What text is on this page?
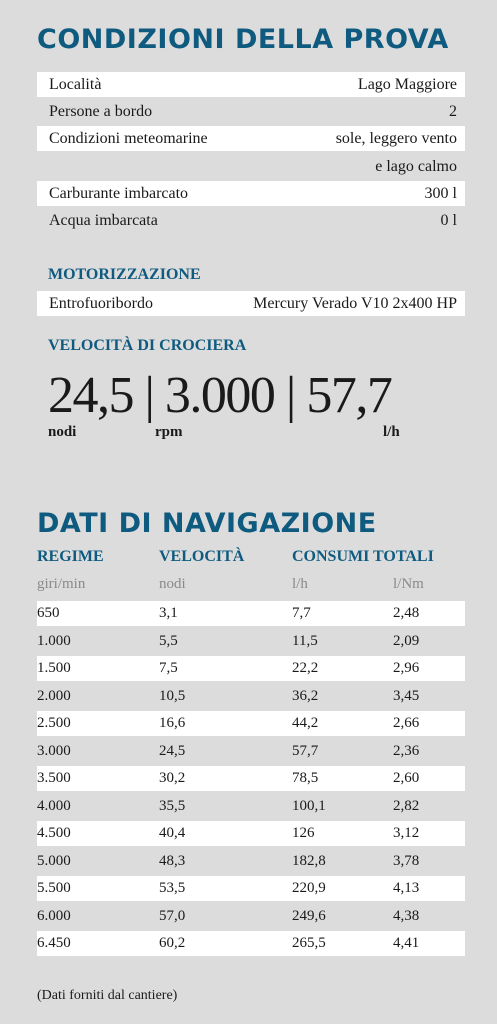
CONDIZIONI DELLA PROVA
Località	Lago Maggiore
Persone a bordo	2
Condizioni meteomarine	sole, leggero vento
e lago calmo
Carburante imbarcato	300 l
Acqua imbarcata	0 l
MOTORIZZAZIONE
Entrofuoribordo	Mercury Verado V10 2x400 HP
VELOCITÀ DI CROCIERA
24,5 | 3.000 | 57,7
nodi	rpm	l/h
DATI DI NAVIGAZIONE
REGIME	VELOCITÀ	CONSUMI TOTALI
giri/min	nodi	l/h	l/Nm
650	3,1	7,7	2,48
1.000	5,5	11,5	2,09
1.500	7,5	22,2	2,96
2.000	10,5	36,2	3,45
2.500	16,6	44,2	2,66
3.000	24,5	57,7	2,36
3.500	30,2	78,5	2,60
4.000	35,5	100,1	2,82
4.500	40,4	126	3,12
5.000	48,3	182,8	3,78
5.500	53,5	220,9	4,13
6.000	57,0	249,6	4,38
6.450	60,2	265,5	4,41
(Dati forniti dal cantiere)
